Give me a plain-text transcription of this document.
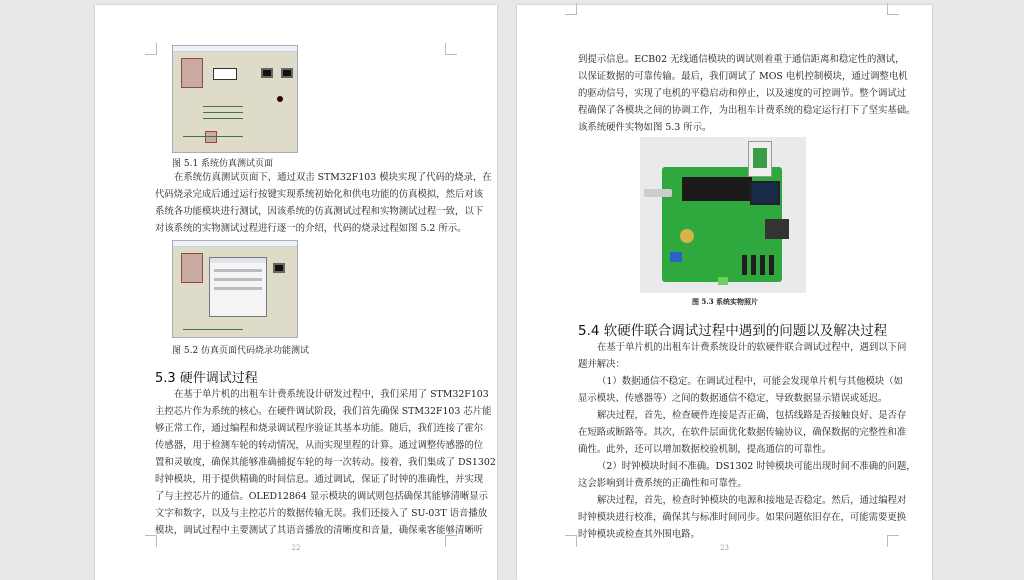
图 5.1 系统仿真测试页面
在系统仿真测试页面下，通过双击 STM32F103 模块实现了代码的烧录，在
代码烧录完成后通过运行按键实现系统初始化和供电功能的仿真模拟，然后对该
系统各功能模块进行测试，因该系统的仿真测试过程和实物测试过程一致，以下
对该系统的实物测试过程进行逐一的介绍，代码的烧录过程如图 5.2 所示。
图 5.2 仿真页面代码烧录功能测试
5.3 硬件调试过程
在基于单片机的出租车计费系统设计研发过程中，我们采用了 STM32F103
主控芯片作为系统的核心。在硬件调试阶段，我们首先确保 STM32F103 芯片能
够正常工作，通过编程和烧录调试程序验证其基本功能。随后，我们连接了霍尔
传感器，用于检测车轮的转动情况，从而实现里程的计算。通过调整传感器的位
置和灵敏度，确保其能够准确捕捉车轮的每一次转动。接着，我们集成了 DS1302
时钟模块，用于提供精确的时间信息。通过调试，保证了时钟的准确性，并实现
了与主控芯片的通信。OLED12864 显示模块的调试则包括确保其能够清晰显示
文字和数字，以及与主控芯片的数据传输无误。我们还接入了 SU-03T 语音播放
模块，调试过程中主要测试了其语音播放的清晰度和音量，确保乘客能够清晰听
22
到提示信息。ECB02 无线通信模块的调试则着重于通信距离和稳定性的测试，
以保证数据的可靠传输。最后，我们调试了 MOS 电机控制模块，通过调整电机
的驱动信号，实现了电机的平稳启动和停止，以及速度的可控调节。整个调试过
程确保了各模块之间的协调工作，为出租车计费系统的稳定运行打下了坚实基础。
该系统硬件实物如图 5.3 所示。
图 5.3 系统实物照片
5.4 软硬件联合调试过程中遇到的问题以及解决过程
在基于单片机的出租车计费系统设计的软硬件联合调试过程中，遇到以下问
题并解决：
（1）数据通信不稳定。在调试过程中，可能会发现单片机与其他模块（如
显示模块、传感器等）之间的数据通信不稳定，导致数据显示错误或延迟。
解决过程，首先，检查硬件连接是否正确，包括线路是否接触良好、是否存
在短路或断路等。其次，在软件层面优化数据传输协议，确保数据的完整性和准
确性。此外，还可以增加数据校验机制，提高通信的可靠性。
（2）时钟模块时间不准确。DS1302 时钟模块可能出现时间不准确的问题，
这会影响到计费系统的正确性和可靠性。
解决过程，首先，检查时钟模块的电源和接地是否稳定。然后，通过编程对
时钟模块进行校准，确保其与标准时间同步。如果问题依旧存在，可能需要更换
时钟模块或检查其外围电路。
23
